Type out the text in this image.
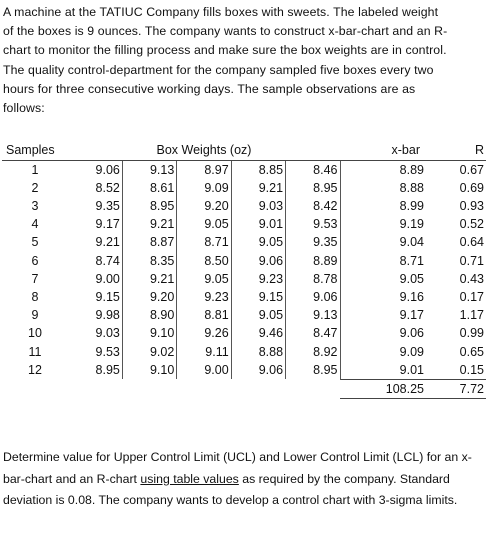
A machine at the TATIUC Company fills boxes with sweets. The labeled weight
of the boxes is 9 ounces. The company wants to construct x-bar-chart and an R-
chart to monitor the filling process and make sure the box weights are in control.
The quality control-department for the company sampled five boxes every two
hours for three consecutive working days. The sample observations are as
follows:
Samples	Box Weights (oz)					x-bar	R

1	9.06	9.13	8.97	8.85	8.46	8.89	0.67
2	8.52	8.61	9.09	9.21	8.95	8.88	0.69
3	9.35	8.95	9.20	9.03	8.42	8.99	0.93
4	9.17	9.21	9.05	9.01	9.53	9.19	0.52
5	9.21	8.87	8.71	9.05	9.35	9.04	0.64
6	8.74	8.35	8.50	9.06	8.89	8.71	0.71
7	9.00	9.21	9.05	9.23	8.78	9.05	0.43
8	9.15	9.20	9.23	9.15	9.06	9.16	0.17
9	9.98	8.90	8.81	9.05	9.13	9.17	1.17
10	9.03	9.10	9.26	9.46	8.47	9.06	0.99
11	9.53	9.02	9.11	8.88	8.92	9.09	0.65
12	8.95	9.10	9.00	9.06	8.95	9.01	0.15
						108.25	7.72

Determine value for Upper Control Limit (UCL) and Lower Control Limit (LCL) for an x-bar-chart and an R-chart using table values as required by the company. Standard deviation is 0.08. The company wants to develop a control chart with 3-sigma limits.
